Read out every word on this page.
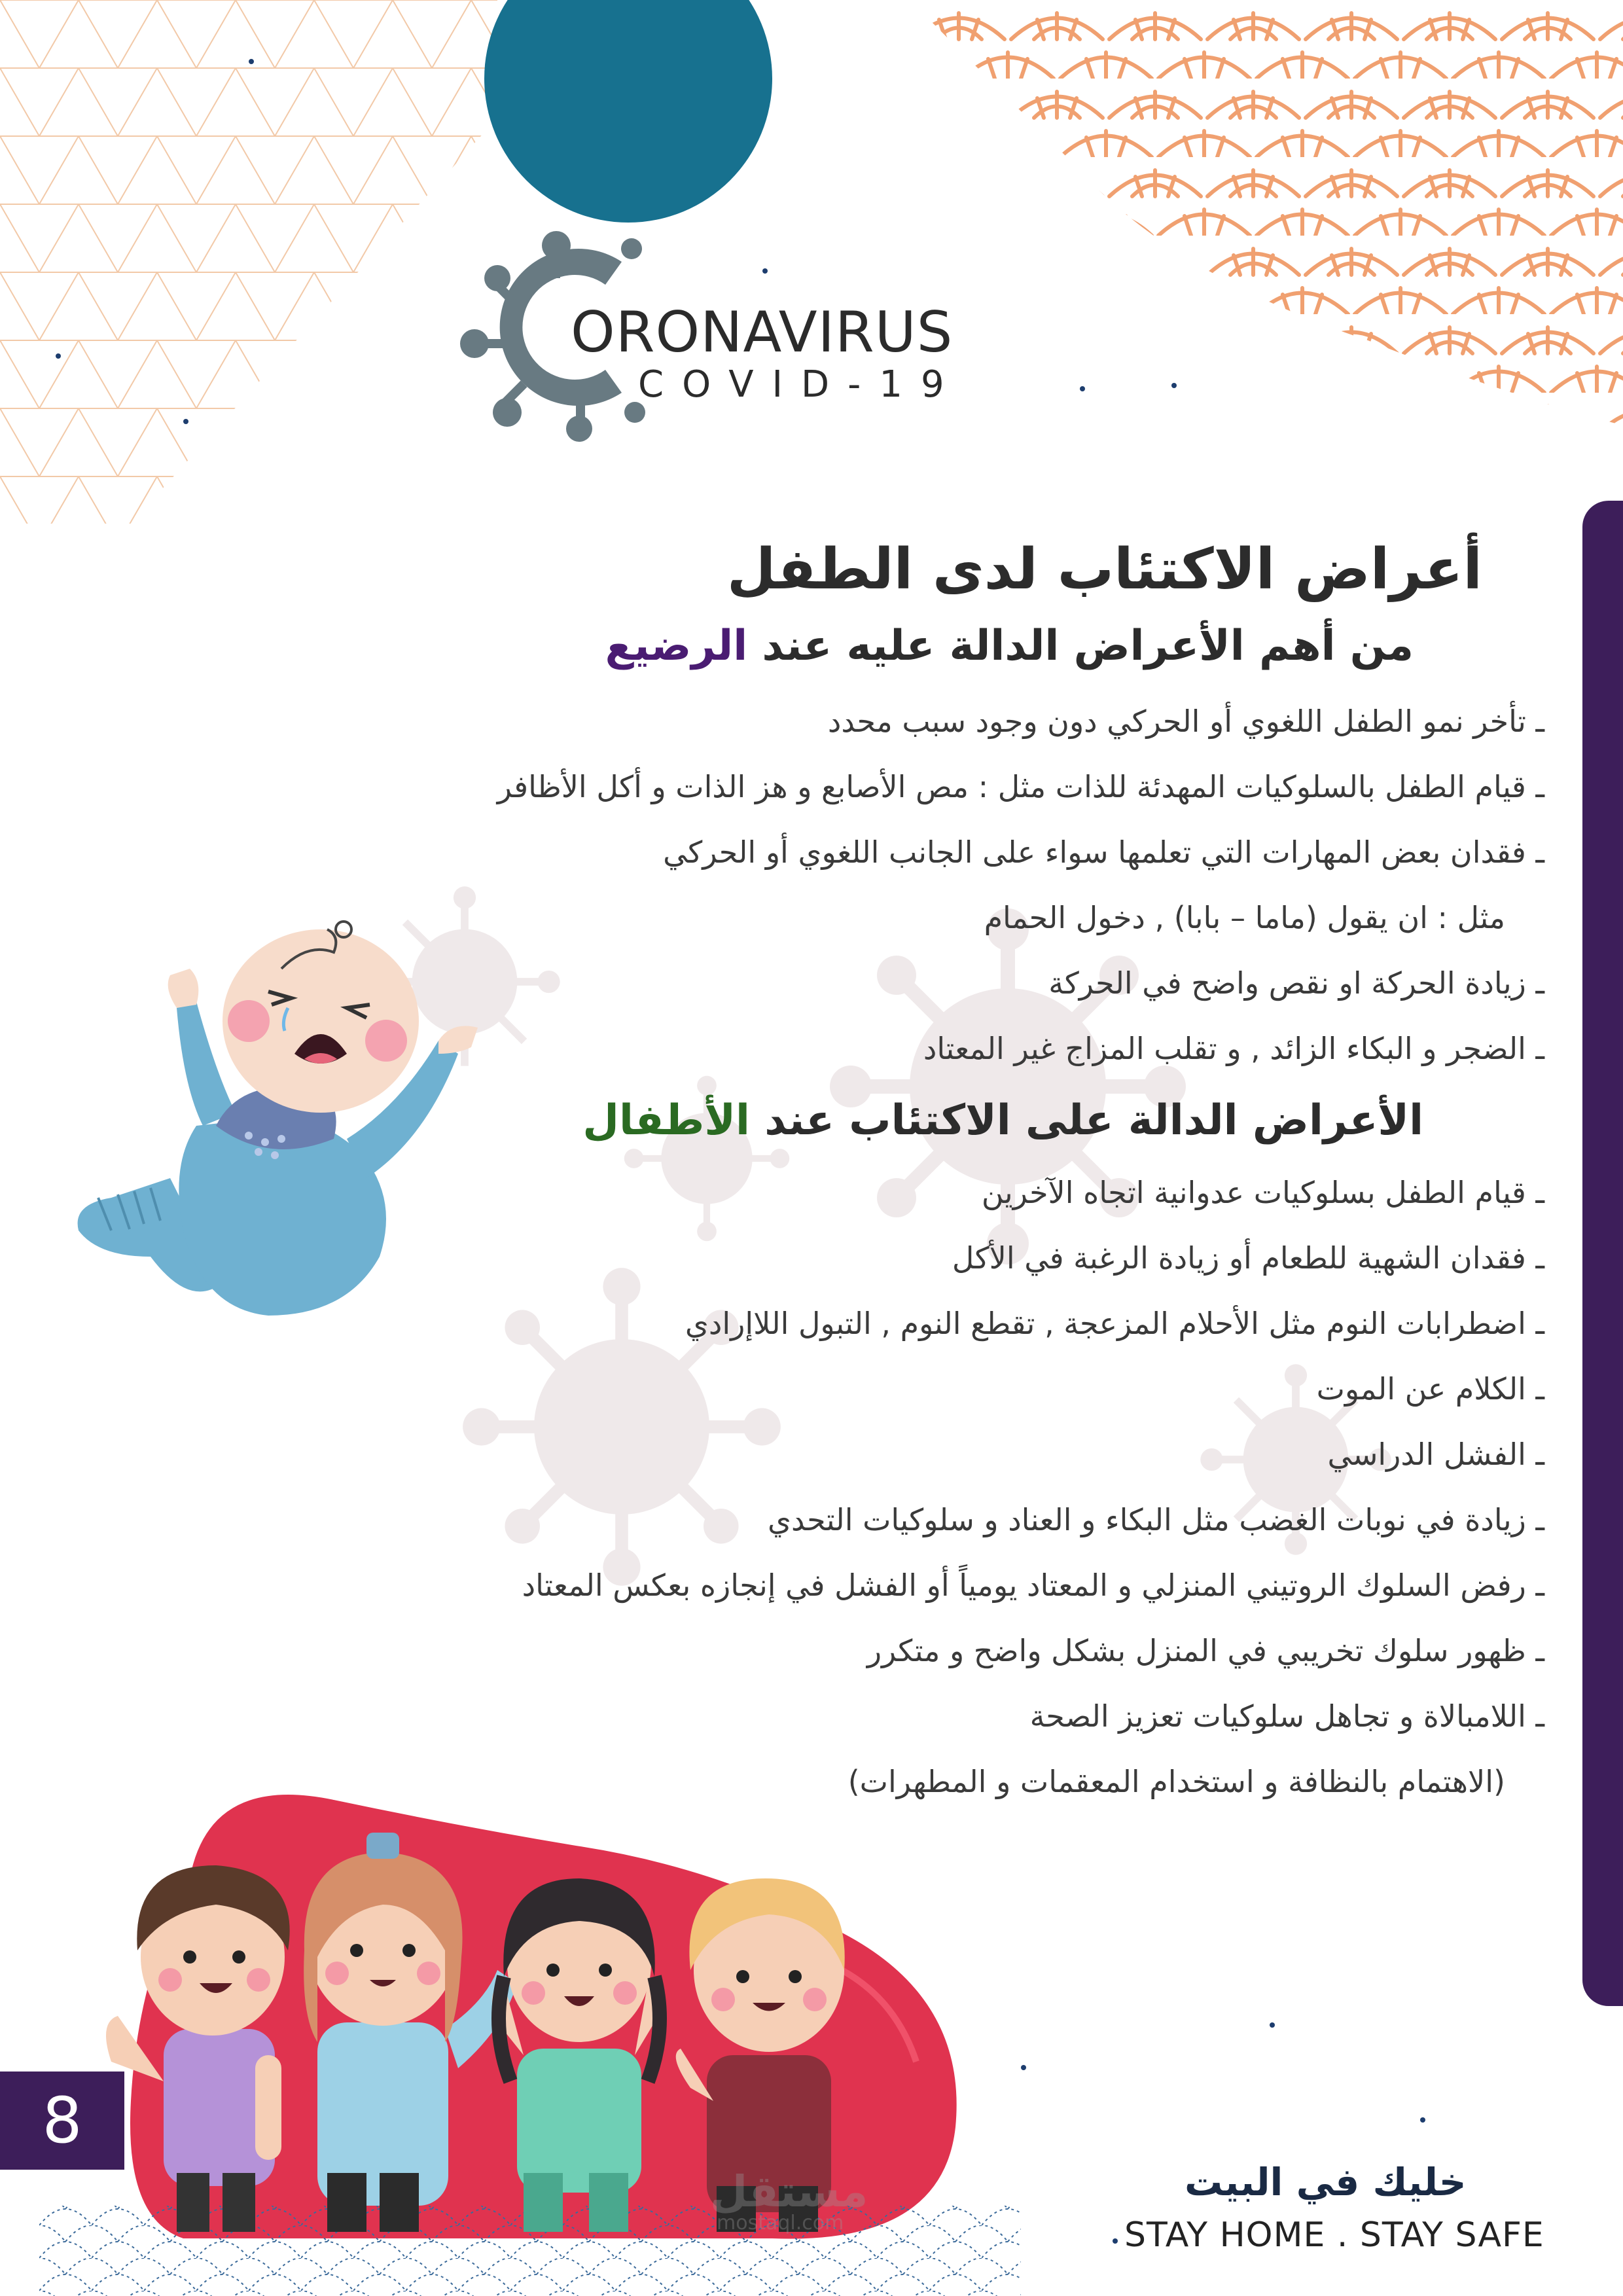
ORONAVIRUS
COVID-19
أعراض الاكتئاب لدى الطفل
من أهم الأعراض الدالة عليه عند الرضيع
ـ تأخر نمو الطفل اللغوي أو الحركي دون وجود سبب محدد
ـ قيام الطفل بالسلوكيات المهدئة للذات مثل : مص الأصابع و هز الذات و أكل الأظافر
ـ فقدان بعض المهارات التي تعلمها سواء على الجانب اللغوي أو الحركي
مثل : ان يقول (ماما – بابا) , دخول الحمام
ـ زيادة الحركة او نقص واضح في الحركة
ـ الضجر و البكاء الزائد , و تقلب المزاج غير المعتاد
الأعراض الدالة على الاكتئاب عند الأطفال
ـ قيام الطفل بسلوكيات عدوانية اتجاه الآخرين
ـ فقدان الشهية للطعام أو زيادة الرغبة في الأكل
ـ اضطرابات النوم مثل الأحلام المزعجة , تقطع النوم , التبول اللاإرادي
ـ الكلام عن الموت
ـ الفشل الدراسي
ـ زيادة في نوبات الغضب مثل البكاء و العناد و سلوكيات التحدي
ـ رفض السلوك الروتيني المنزلي و المعتاد يومياً أو الفشل في إنجازه بعكس المعتاد
ـ ظهور سلوك تخريبي في المنزل بشكل واضح و متكرر
ـ اللامبالاة و تجاهل سلوكيات تعزيز الصحة
(الاهتمام بالنظافة و استخدام المعقمات و المطهرات)
8
مستقل
mostaql.com
خليك في البيت
STAY HOME . STAY SAFE
